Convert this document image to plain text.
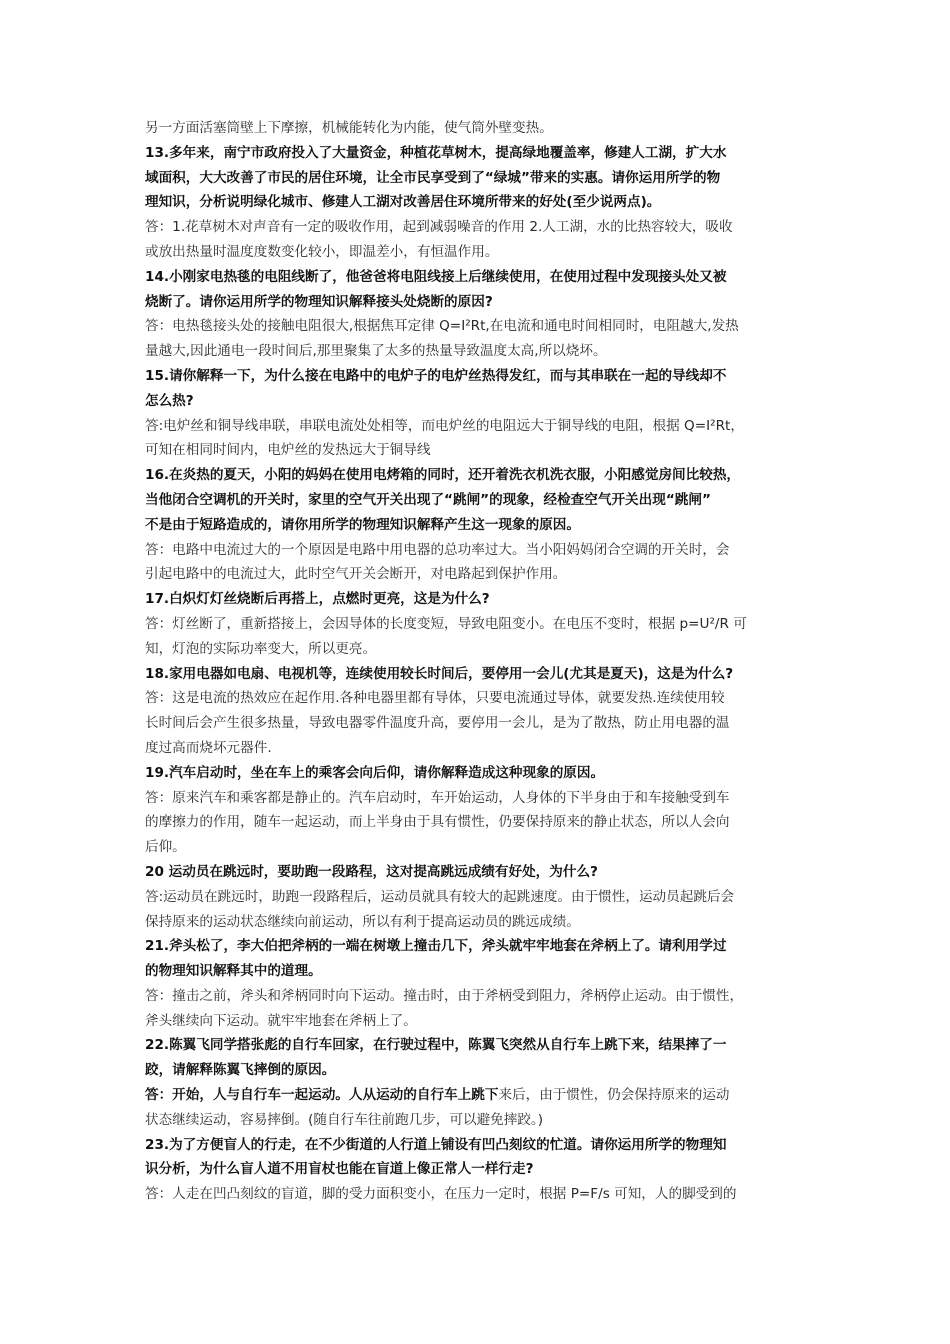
另一方面活塞筒壁上下摩擦，机械能转化为内能，使气筒外壁变热。
13.多年来，南宁市政府投入了大量资金，种植花草树木，提高绿地覆盖率，修建人工湖，扩大水
域面积，大大改善了市民的居住环境，让全市民享受到了“绿城”带来的实惠。请你运用所学的物
理知识，分析说明绿化城市、修建人工湖对改善居住环境所带来的好处(至少说两点)。
答：1.花草树木对声音有一定的吸收作用，起到减弱噪音的作用 2.人工湖，水的比热容较大，吸收
或放出热量时温度度数变化较小，即温差小，有恒温作用。
14.小刚家电热毯的电阻线断了，他爸爸将电阻线接上后继续使用，在使用过程中发现接头处又被
烧断了。请你运用所学的物理知识解释接头处烧断的原因?
答：电热毯接头处的接触电阻很大,根据焦耳定律 Q=I²Rt,在电流和通电时间相同时，电阻越大,发热
量越大,因此通电一段时间后,那里聚集了太多的热量导致温度太高,所以烧坏。
15.请你解释一下，为什么接在电路中的电炉子的电炉丝热得发红，而与其串联在一起的导线却不
怎么热?
答:电炉丝和铜导线串联，串联电流处处相等，而电炉丝的电阻远大于铜导线的电阻，根据 Q=I²Rt，
可知在相同时间内，电炉丝的发热远大于铜导线
16.在炎热的夏天，小阳的妈妈在使用电烤箱的同时，还开着洗衣机洗衣服，小阳感觉房间比较热，
当他闭合空调机的开关时，家里的空气开关出现了“跳闸”的现象，经检查空气开关出现“跳闸”
不是由于短路造成的，请你用所学的物理知识解释产生这一现象的原因。
答：电路中电流过大的一个原因是电路中用电器的总功率过大。当小阳妈妈闭合空调的开关时，会
引起电路中的电流过大，此时空气开关会断开，对电路起到保护作用。
17.白炽灯灯丝烧断后再搭上，点燃时更亮，这是为什么?
答：灯丝断了，重新搭接上，会因导体的长度变短，导致电阻变小。在电压不变时，根据 p=U²/R 可
知，灯泡的实际功率变大，所以更亮。
18.家用电器如电扇、电视机等，连续使用较长时间后，要停用一会儿(尤其是夏天)，这是为什么?
答：这是电流的热效应在起作用.各种电器里都有导体，只要电流通过导体，就要发热.连续使用较
长时间后会产生很多热量，导致电器零件温度升高，要停用一会儿，是为了散热，防止用电器的温
度过高而烧坏元器件.
19.汽车启动时，坐在车上的乘客会向后仰，请你解释造成这种现象的原因。
答：原来汽车和乘客都是静止的。汽车启动时，车开始运动，人身体的下半身由于和车接触受到车
的摩擦力的作用，随车一起运动，而上半身由于具有惯性，仍要保持原来的静止状态，所以人会向
后仰。
20 运动员在跳远时，要助跑一段路程，这对提高跳远成绩有好处，为什么?
答:运动员在跳远时，助跑一段路程后，运动员就具有较大的起跳速度。由于惯性，运动员起跳后会
保持原来的运动状态继续向前运动，所以有利于提高运动员的跳远成绩。
21.斧头松了，李大伯把斧柄的一端在树墩上撞击几下，斧头就牢牢地套在斧柄上了。请利用学过
的物理知识解释其中的道理。
答：撞击之前，斧头和斧柄同时向下运动。撞击时，由于斧柄受到阻力，斧柄停止运动。由于惯性，
斧头继续向下运动。就牢牢地套在斧柄上了。
22.陈翼飞同学搭张彪的自行车回家，在行驶过程中，陈翼飞突然从自行车上跳下来，结果摔了一
跤，请解释陈翼飞摔倒的原因。
答：开始，人与自行车一起运动。人从运动的自行车上跳下来后，由于惯性，仍会保持原来的运动
状态继续运动，容易摔倒。(随自行车往前跑几步，可以避免摔跤。)
23.为了方便盲人的行走，在不少街道的人行道上铺设有凹凸刻纹的忙道。请你运用所学的物理知
识分析，为什么盲人道不用盲杖也能在盲道上像正常人一样行走?
答：人走在凹凸刻纹的盲道，脚的受力面积变小，在压力一定时，根据 P=F/s 可知，人的脚受到的
